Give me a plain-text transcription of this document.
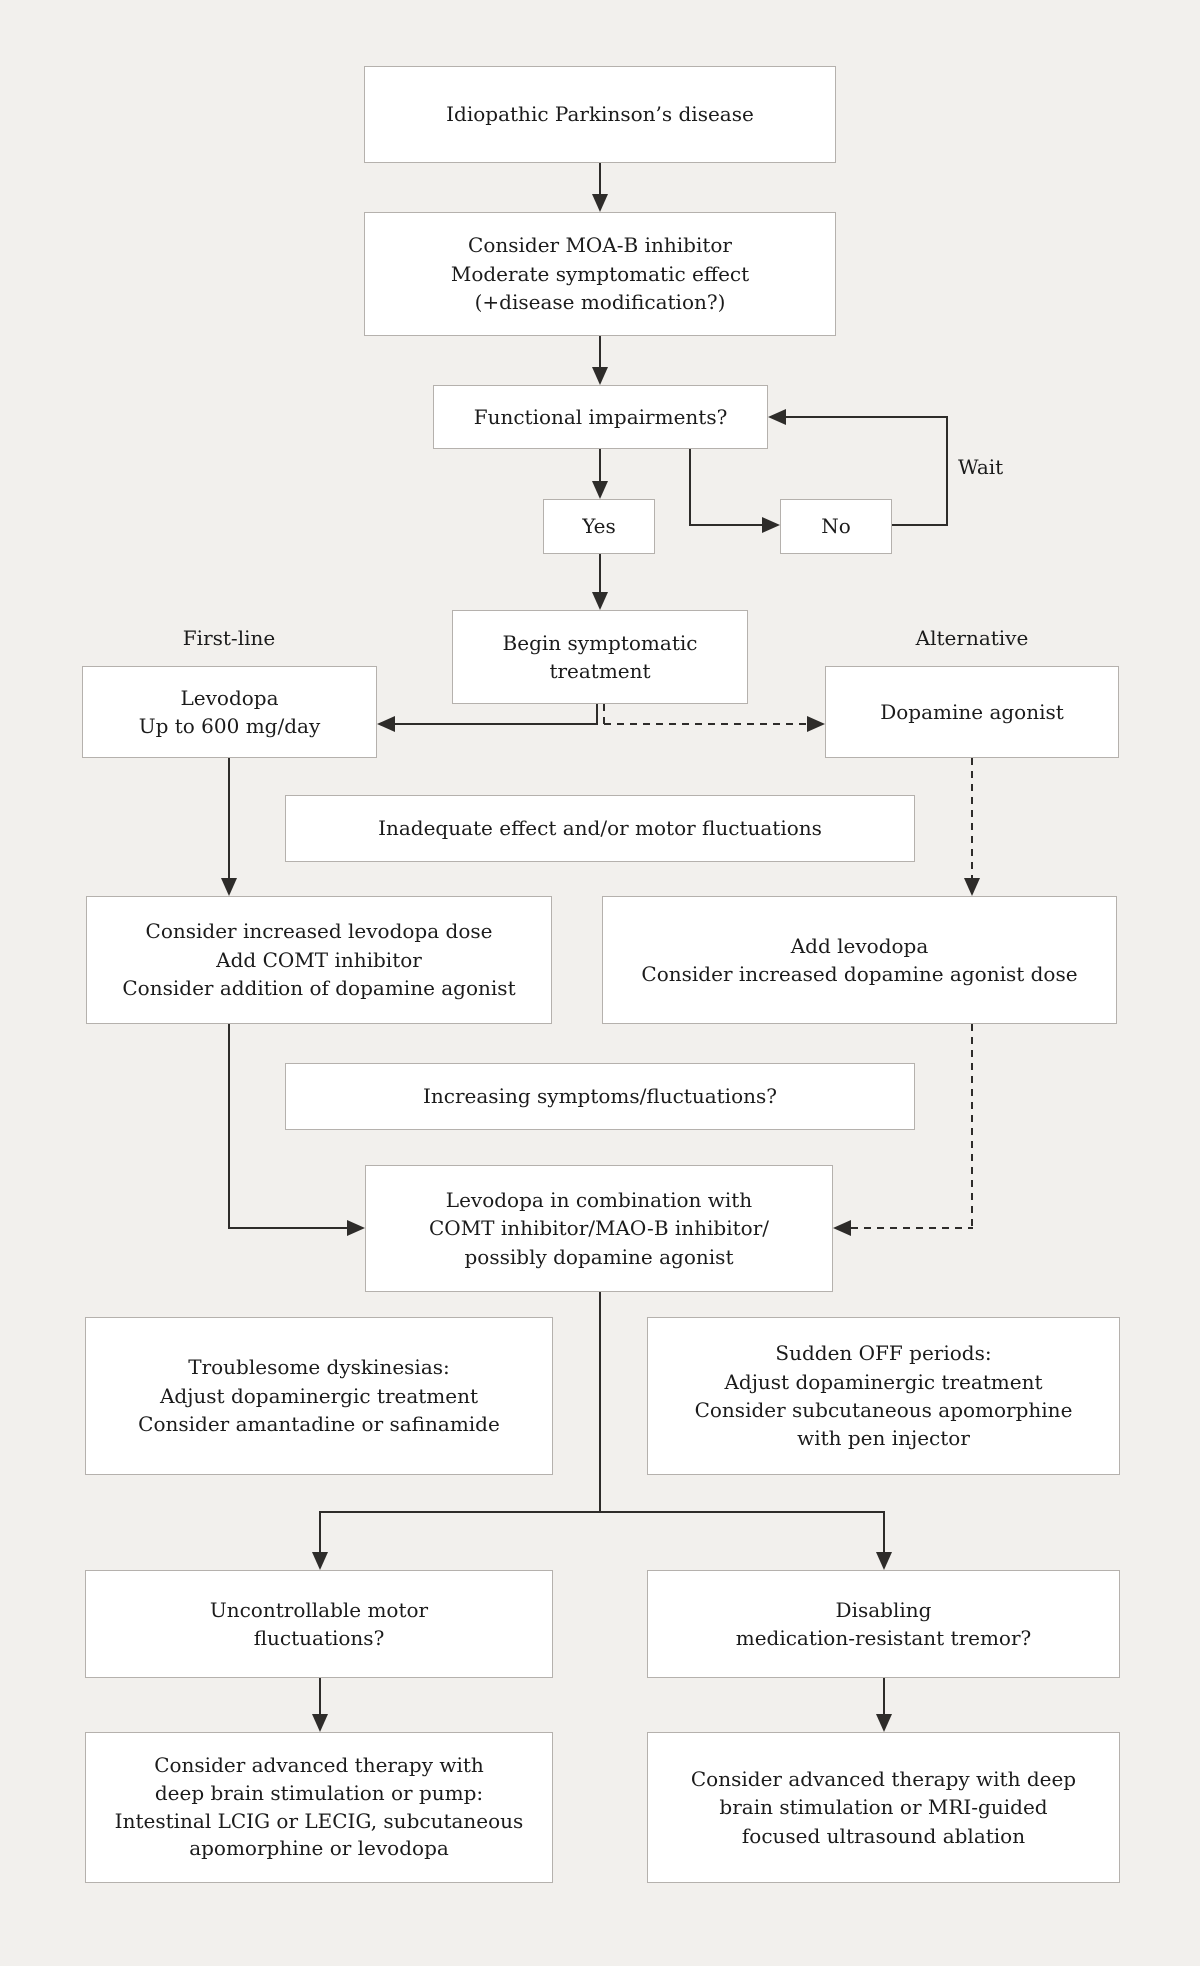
Idiopathic Parkinson’s disease
Consider MOA-B inhibitor
Moderate symptomatic effect
(+disease modification?)
Functional impairments?
Yes	No
Wait
Begin symptomatic
treatment
First-line
Levodopa
Up to 600 mg/day
Alternative
Dopamine agonist
Inadequate effect and/or motor fluctuations
Consider increased levodopa dose
Add COMT inhibitor
Consider addition of dopamine agonist
Add levodopa
Consider increased dopamine agonist dose
Increasing symptoms/fluctuations?
Levodopa in combination with
COMT inhibitor/MAO-B inhibitor/
possibly dopamine agonist
Troublesome dyskinesias:
Adjust dopaminergic treatment
Consider amantadine or safinamide
Sudden OFF periods:
Adjust dopaminergic treatment
Consider subcutaneous apomorphine
with pen injector
Uncontrollable motor
fluctuations?
Disabling
medication-resistant tremor?
Consider advanced therapy with
deep brain stimulation or pump:
Intestinal LCIG or LECIG, subcutaneous
apomorphine or levodopa
Consider advanced therapy with deep
brain stimulation or MRI-guided
focused ultrasound ablation
